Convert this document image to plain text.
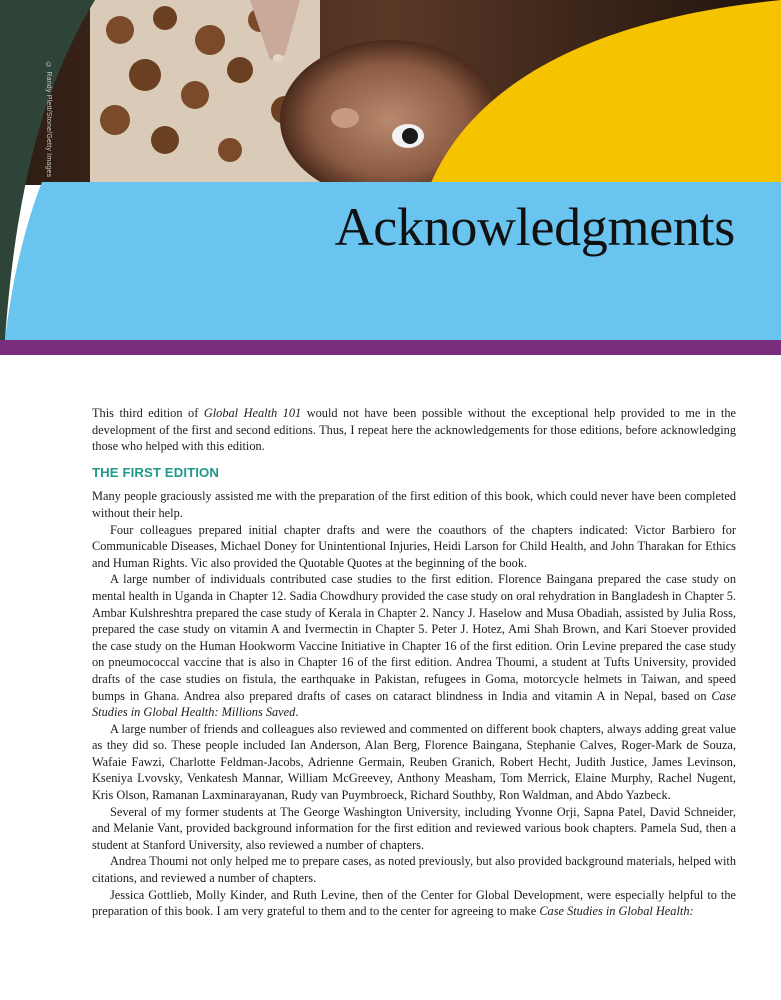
© Randy Plett/Stone/Getty Images
Acknowledgments

This third edition of Global Health 101 would not have been possible without the exceptional help provided to me in the development of the first and second editions. Thus, I repeat here the acknowledgements for those editions, before acknowledging those who helped with this edition.

THE FIRST EDITION

Many people graciously assisted me with the preparation of the first edition of this book, which could never have been completed without their help.

Four colleagues prepared initial chapter drafts and were the coauthors of the chapters indicated: Victor Barbiero for Communicable Diseases, Michael Doney for Unintentional Injuries, Heidi Larson for Child Health, and John Tharakan for Ethics and Human Rights. Vic also provided the Quotable Quotes at the beginning of the book.

A large number of individuals contributed case studies to the first edition. Florence Baingana prepared the case study on mental health in Uganda in Chapter 12. Sadia Chowdhury provided the case study on oral rehydration in Bangladesh in Chapter 5. Ambar Kulshreshtra prepared the case study of Kerala in Chapter 2. Nancy J. Haselow and Musa Obadiah, assisted by Julia Ross, prepared the case study on vitamin A and Ivermectin in Chapter 5. Peter J. Hotez, Ami Shah Brown, and Kari Stoever provided the case study on the Human Hookworm Vaccine Initiative in Chapter 16 of the first edition. Orin Levine prepared the case study on pneumococcal vaccine that is also in Chapter 16 of the first edition. Andrea Thoumi, a student at Tufts University, provided drafts of the case studies on fistula, the earthquake in Pakistan, refugees in Goma, motorcycle helmets in Taiwan, and speed bumps in Ghana. Andrea also prepared drafts of cases on cataract blindness in India and vitamin A in Nepal, based on Case Studies in Global Health: Millions Saved.

A large number of friends and colleagues also reviewed and commented on different book chapters, always adding great value as they did so. These people included Ian Anderson, Alan Berg, Florence Baingana, Stephanie Calves, Roger-Mark de Souza, Wafaie Fawzi, Charlotte Feldman-Jacobs, Adrienne Germain, Reuben Granich, Robert Hecht, Judith Justice, James Levinson, Kseniya Lvovsky, Venkatesh Mannar, William McGreevey, Anthony Measham, Tom Merrick, Elaine Murphy, Rachel Nugent, Kris Olson, Ramanan Laxminarayanan, Rudy van Puymbroeck, Richard Southby, Ron Waldman, and Abdo Yazbeck.

Several of my former students at The George Washington University, including Yvonne Orji, Sapna Patel, David Schneider, and Melanie Vant, provided background information for the first edition and reviewed various book chapters. Pamela Sud, then a student at Stanford University, also reviewed a number of chapters.

Andrea Thoumi not only helped me to prepare cases, as noted previously, but also provided background materials, helped with citations, and reviewed a number of chapters.

Jessica Gottlieb, Molly Kinder, and Ruth Levine, then of the Center for Global Development, were especially helpful to the preparation of this book. I am very grateful to them and to the center for agreeing to make Case Studies in Global Health:
